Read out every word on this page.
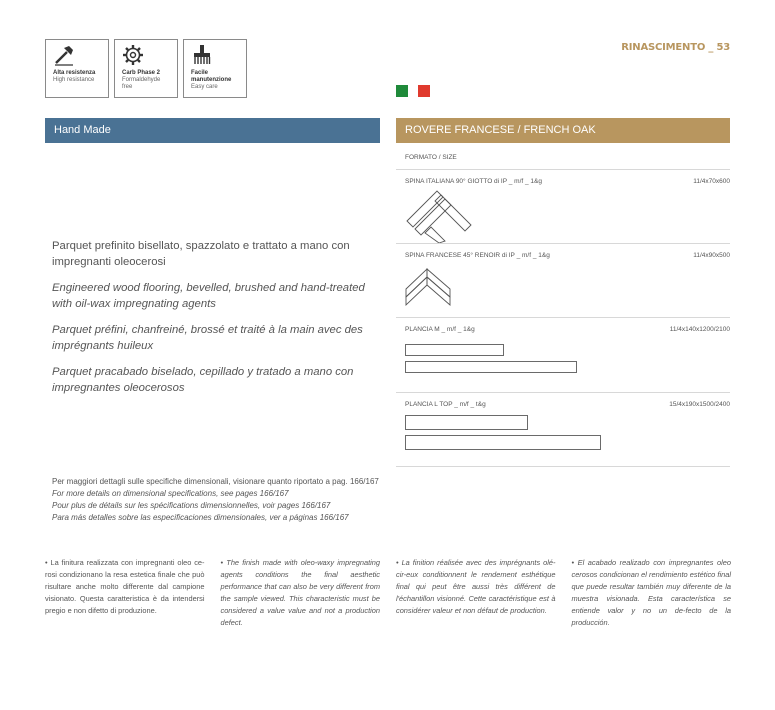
Alta resistenza
High resistance
Carb Phase 2
Formaldehyde free
Facile manutenzione
Easy care
RINASCIMENTO _ 53
Hand Made	ROVERE FRANCESE / FRENCH OAK

Parquet prefinito bisellato, spazzolato e trattato a mano con impregnanti oleocerosi

Engineered wood flooring, bevelled, brushed and hand-treated with oil-wax impregnating agents

Parquet préfini, chanfreiné, brossé et traité à la main avec des imprégnants huileux

Parquet pracabado biselado, cepillado y tratado a mano con impregnantes oleocerosos

FORMATO / SIZE
SPINA ITALIANA 90° GIOTTO di IP _ m/f _ 1&g	11/4x70x600
SPINA FRANCESE 45° RENOIR di IP _ m/f _ 1&g	11/4x90x500
PLANCIA M _ m/f _ 1&g	11/4x140x1200/2100
PLANCIA L TOP _ m/f _ t&g	15/4x190x1500/2400
Per maggiori dettagli sulle specifiche dimensionali, visionare quanto riportato a pag. 166/167
For more details on dimensional specifications, see pages 166/167
Pour plus de détails sur les spécifications dimensionnelles, voir pages 166/167
Para más detalles sobre las especificaciones dimensionales, ver a páginas 166/167
• La finitura realizzata con impregnanti oleo ce-rosi condizionano la resa estetica finale che può risultare anche molto differente dal campione visionato. Questa caratteristica è da intendersi pregio e non difetto di produzione.
• The finish made with oleo-waxy impregnating agents conditions the final aesthetic performance that can also be very different from the sample viewed. This characteristic must be considered a value value and not a production defect.
• La finition réalisée avec des imprégnants olé-cir-eux conditionnent le rendement esthétique final qui peut être aussi très différent de l'échantillon visionné. Cette caractéristique est à considérer valeur et non défaut de production.
• El acabado realizado con impregnantes oleo cerosos condicionan el rendimiento estético final que puede resultar también muy diferente de la muestra visionada. Esta característica se entiende valor y no un de-fecto de la producción.
